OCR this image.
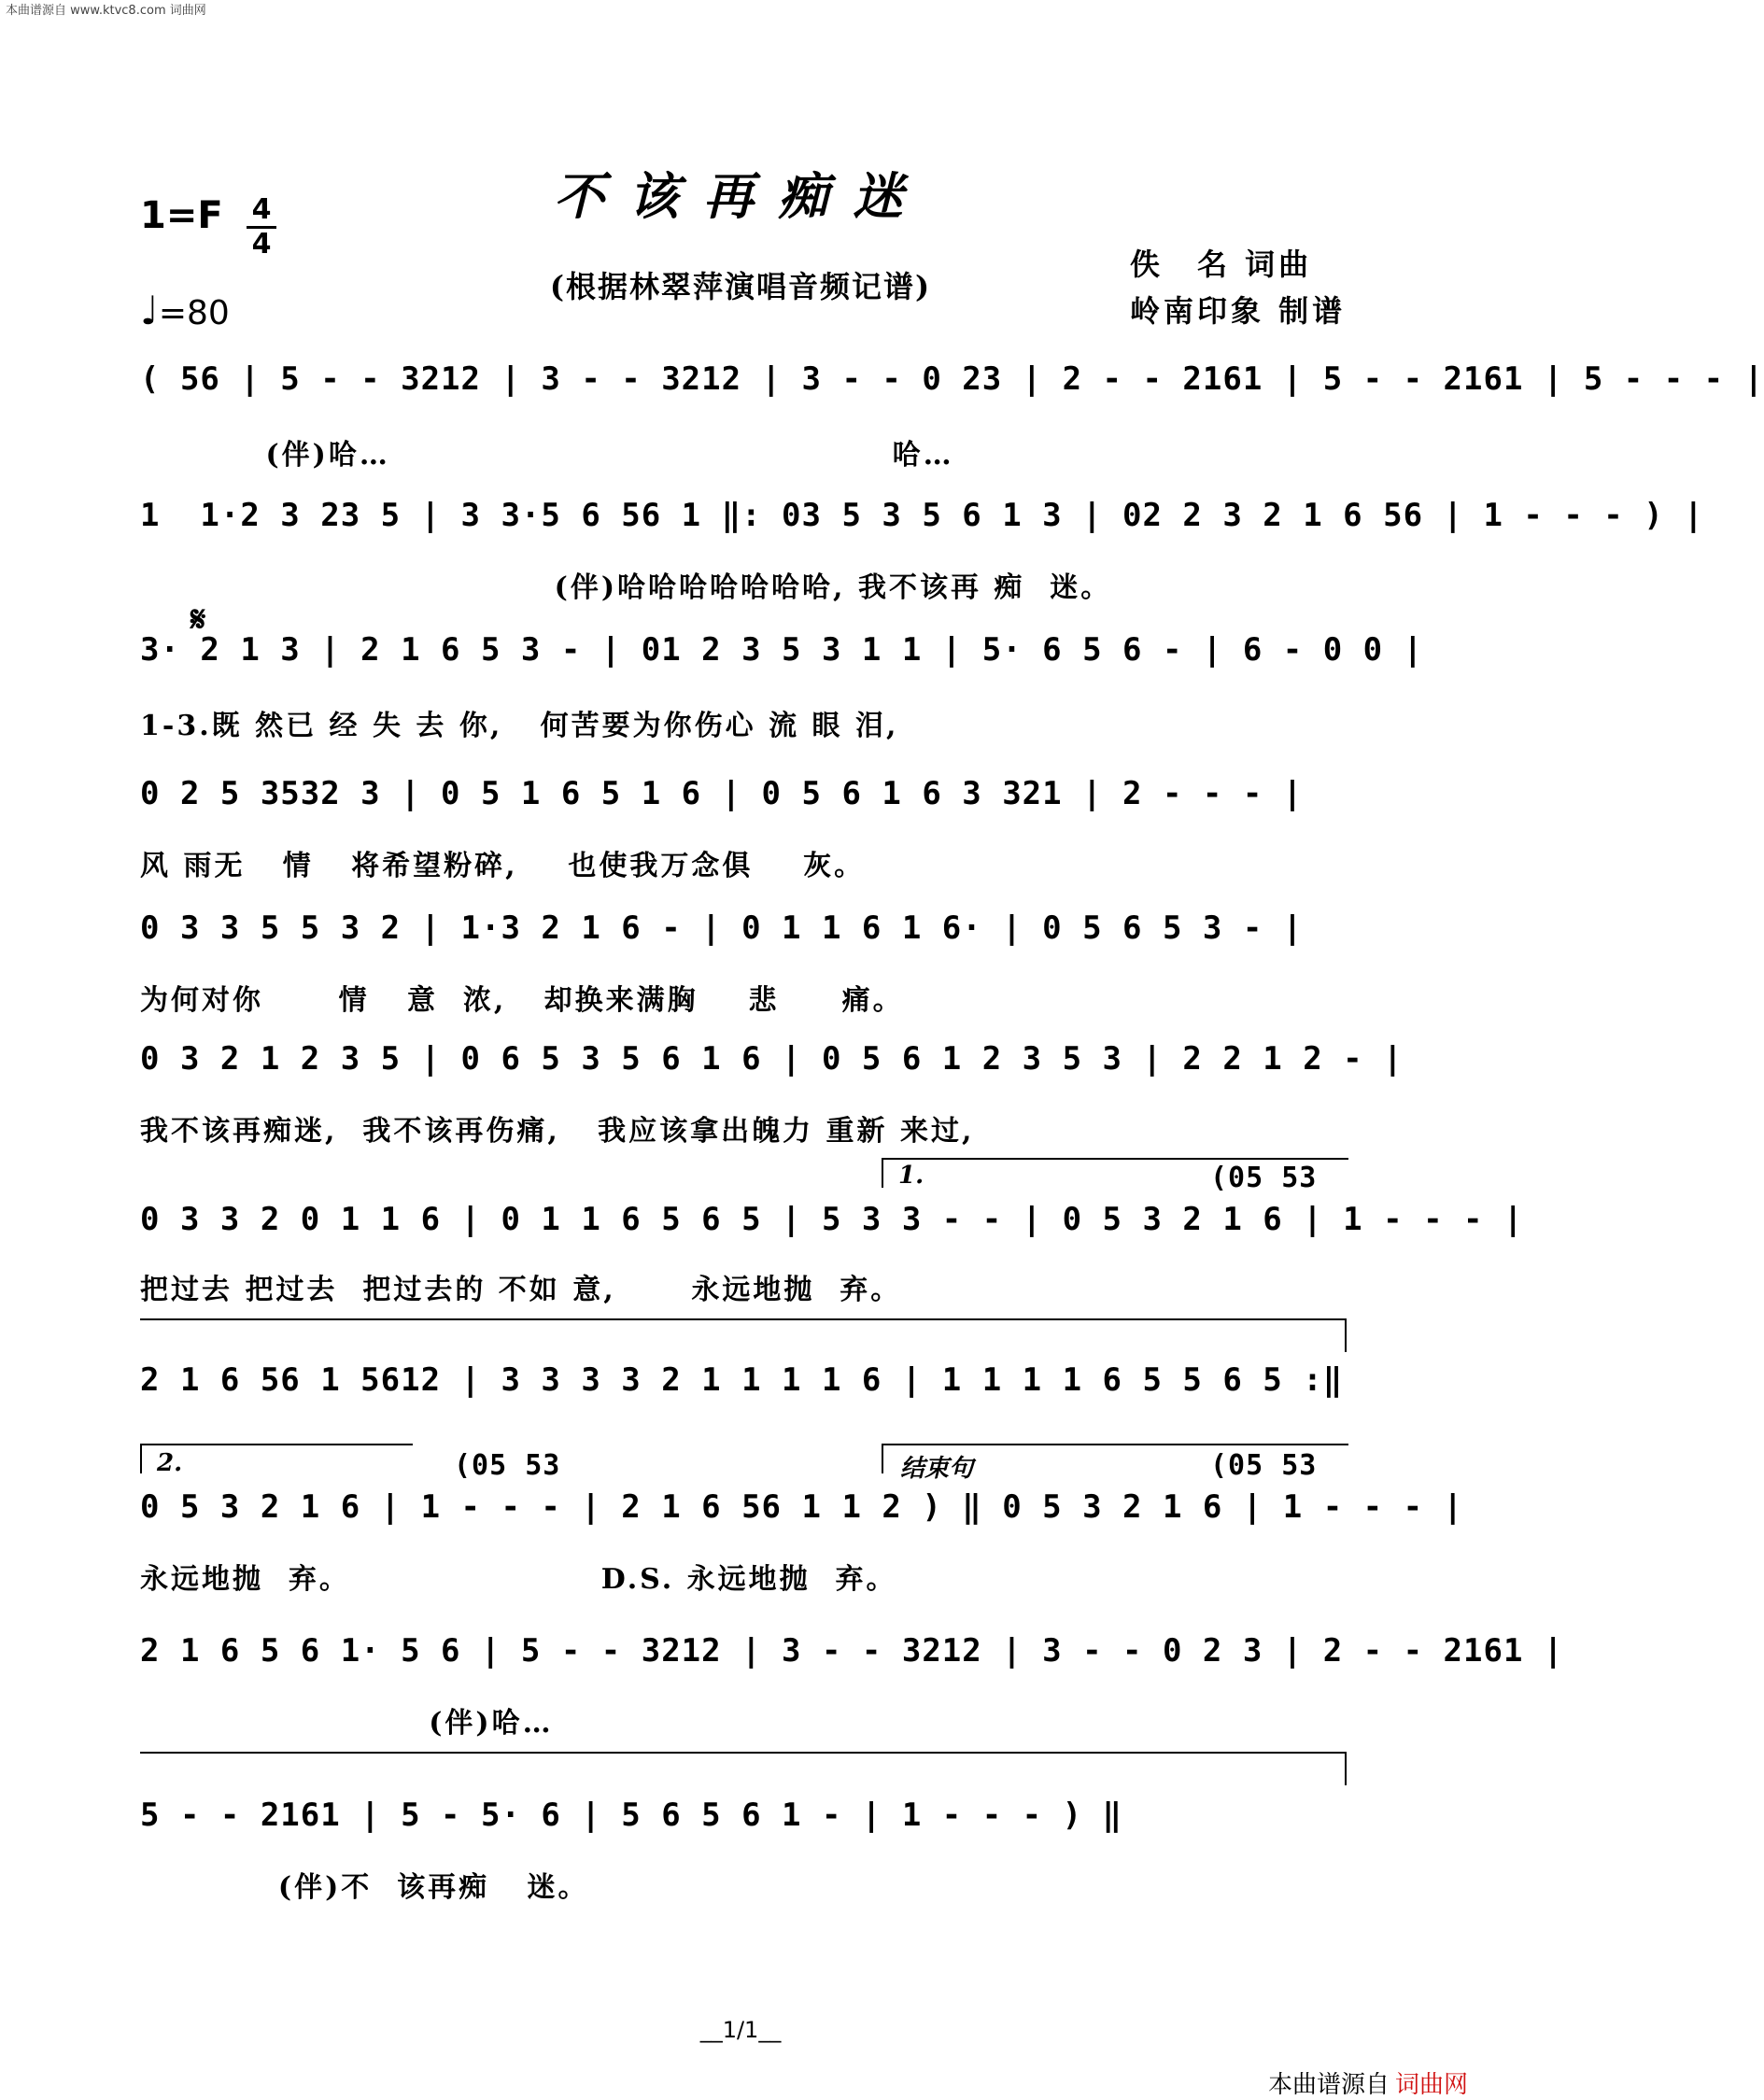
本曲谱源自 www.ktvc8.com 词曲网
不该再痴迷
(根据林翠萍演唱音频记谱)
1=F 4
4
♩=80
佚　名 词曲
岭南印象 制谱
( 56 | 5 - - 3212 | 3 - - 3212 | 3 - - 0 23 | 2 - - 2161 | 5 - - 2161 | 5 - - - |
(伴)哈…                                        哈…
1  1·2 3 23 5 | 3 3·5 6 56 1 ‖: 03 5 3 5 6 1 3 | 02 2 3 2 1 6 56 | 1 - - - ) |
(伴)哈哈哈哈哈哈哈, 我不该再 痴  迷。
𝄋
3· 2 1 3 | 2 1 6 5 3 - | 01 2 3 5 3 1 1 | 5· 6 5 6 - | 6 - 0 0 |
1-3.既 然已 经 失 去 你,   何苦要为你伤心 流 眼 泪,
0 2 5 3532 3 | 0 5 1 6 5 1 6 | 0 5 6 1 6 3 321 | 2 - - - |
风 雨无   情   将希望粉碎,    也使我万念俱    灰。
0 3 3 5 5 3 2 | 1·3 2 1 6 - | 0 1 1 6 1 6· | 0 5 6 5 3 - |
为何对你      情   意  浓,   却换来满胸    悲     痛。
0 3 2 1 2 3 5 | 0 6 5 3 5 6 1 6 | 0 5 6 1 2 3 5 3 | 2 2 1 2 - |
我不该再痴迷,  我不该再伤痛,   我应该拿出魄力 重新 来过,
1.	(05 53
0 3 3 2 0 1 1 6 | 0 1 1 6 5 6 5 | 5 3 3 - - | 0 5 3 2 1 6 | 1 - - - |
把过去 把过去  把过去的 不如 意,      永远地抛  弃。
2 1 6 56 1 5612 | 3 3 3 3 2 1 1 1 1 6 | 1 1 1 1 6 5 5 6 5 :‖
2.	(05 53	结束句	(05 53
0 5 3 2 1 6 | 1 - - - | 2 1 6 56 1 1 2 ) ‖ 0 5 3 2 1 6 | 1 - - - |
永远地抛  弃。                    D.S. 永远地抛  弃。
2 1 6 5 6 1· 5 6 | 5 - - 3212 | 3 - - 3212 | 3 - - 0 2 3 | 2 - - 2161 |
(伴)哈…
5 - - 2161 | 5 - 5· 6 | 5 6 5 6 1 - | 1 - - - ) ‖
(伴)不  该再痴   迷。
__1/1__
本曲谱源自 词曲网
